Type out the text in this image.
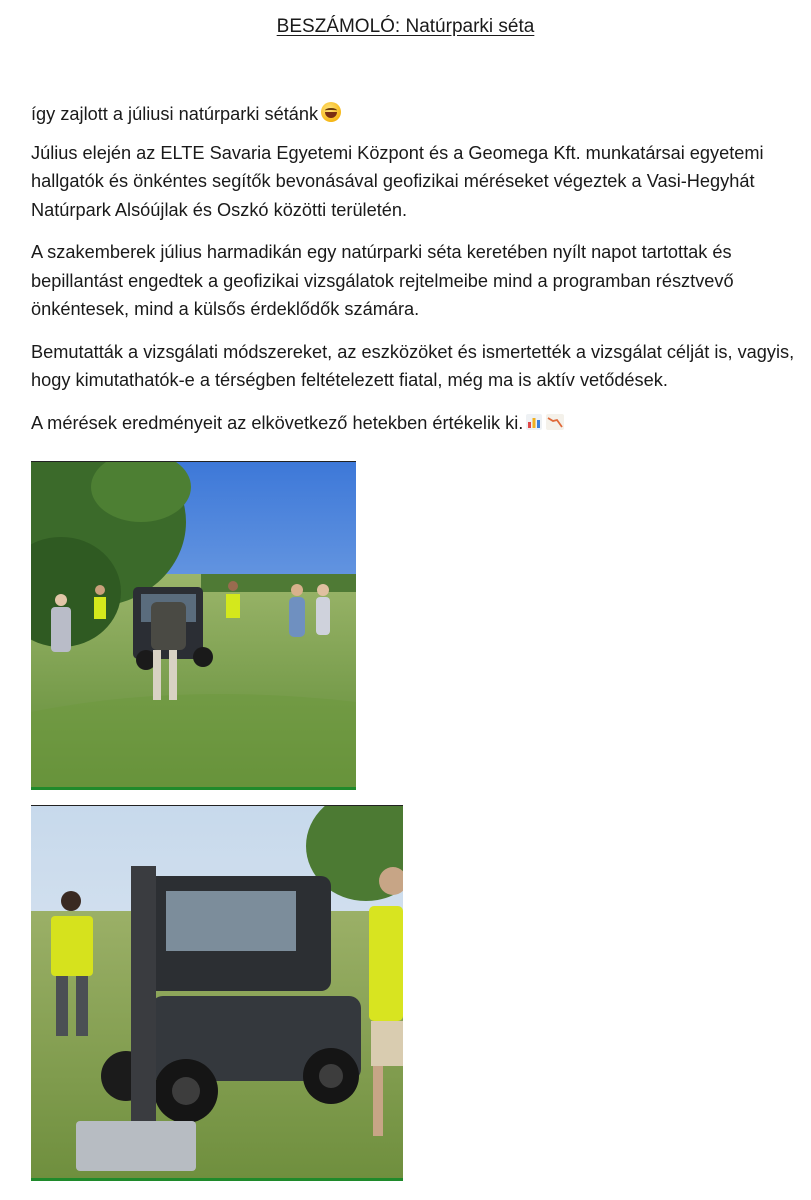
BESZÁMOLÓ: Natúrparki séta

így zajlott a júliusi natúrparki sétánk

Július elején az ELTE Savaria Egyetemi Központ és a Geomega Kft. munkatársai egyetemi hallgatók és önkéntes segítők bevonásával geofizikai méréseket végeztek a Vasi-Hegyhát Natúrpark Alsóújlak és Oszkó közötti területén.

A szakemberek július harmadikán egy natúrparki séta keretében nyílt napot tartottak és bepillantást engedtek a geofizikai vizsgálatok rejtelmeibe mind a programban résztvevő önkéntesek, mind a külsős érdeklődők számára.

Bemutatták a vizsgálati módszereket, az eszközöket és ismertették a vizsgálat célját is, vagyis, hogy kimutathatók-e a térségben feltételezett fiatal, még ma is aktív vetődések.

A mérések eredményeit az elkövetkező hetekben értékelik ki.
